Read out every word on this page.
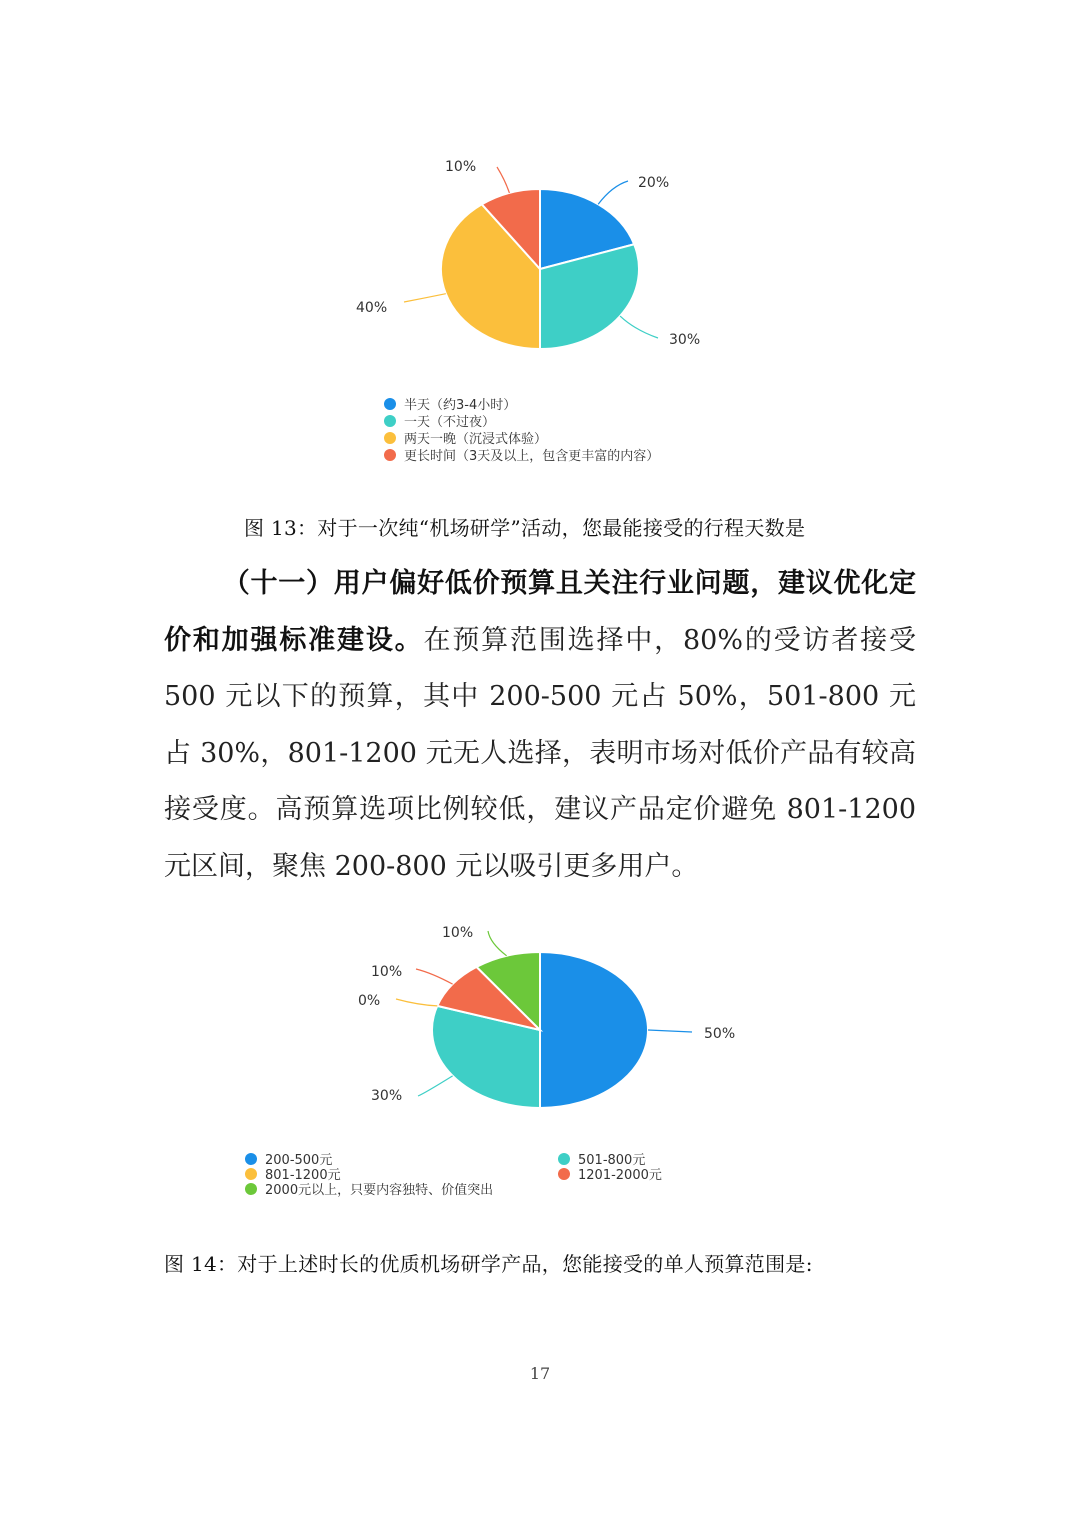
20%
30%
40%
10%
半天（约3-4小时）
一天（不过夜）
两天一晚（沉浸式体验）
更长时间（3天及以上，包含更丰富的内容）
图 13：对于一次纯“机场研学”活动，您最能接受的行程天数是
（十一）用户偏好低价预算且关注行业问题，建议优化定价和加强标准建设。在预算范围选择中，80%的受访者接受500 元以下的预算，其中 200-500 元占 50%，501-800 元占 30%，801-1200 元无人选择，表明市场对低价产品有较高接受度。高预算选项比例较低，建议产品定价避免 801-1200 元区间，聚焦 200-800 元以吸引更多用户。
50%
30%
0%
10%
10%
200-500元	501-800元
801-1200元	1201-2000元
2000元以上，只要内容独特、价值突出
图 14：对于上述时长的优质机场研学产品，您能接受的单人预算范围是:
17
